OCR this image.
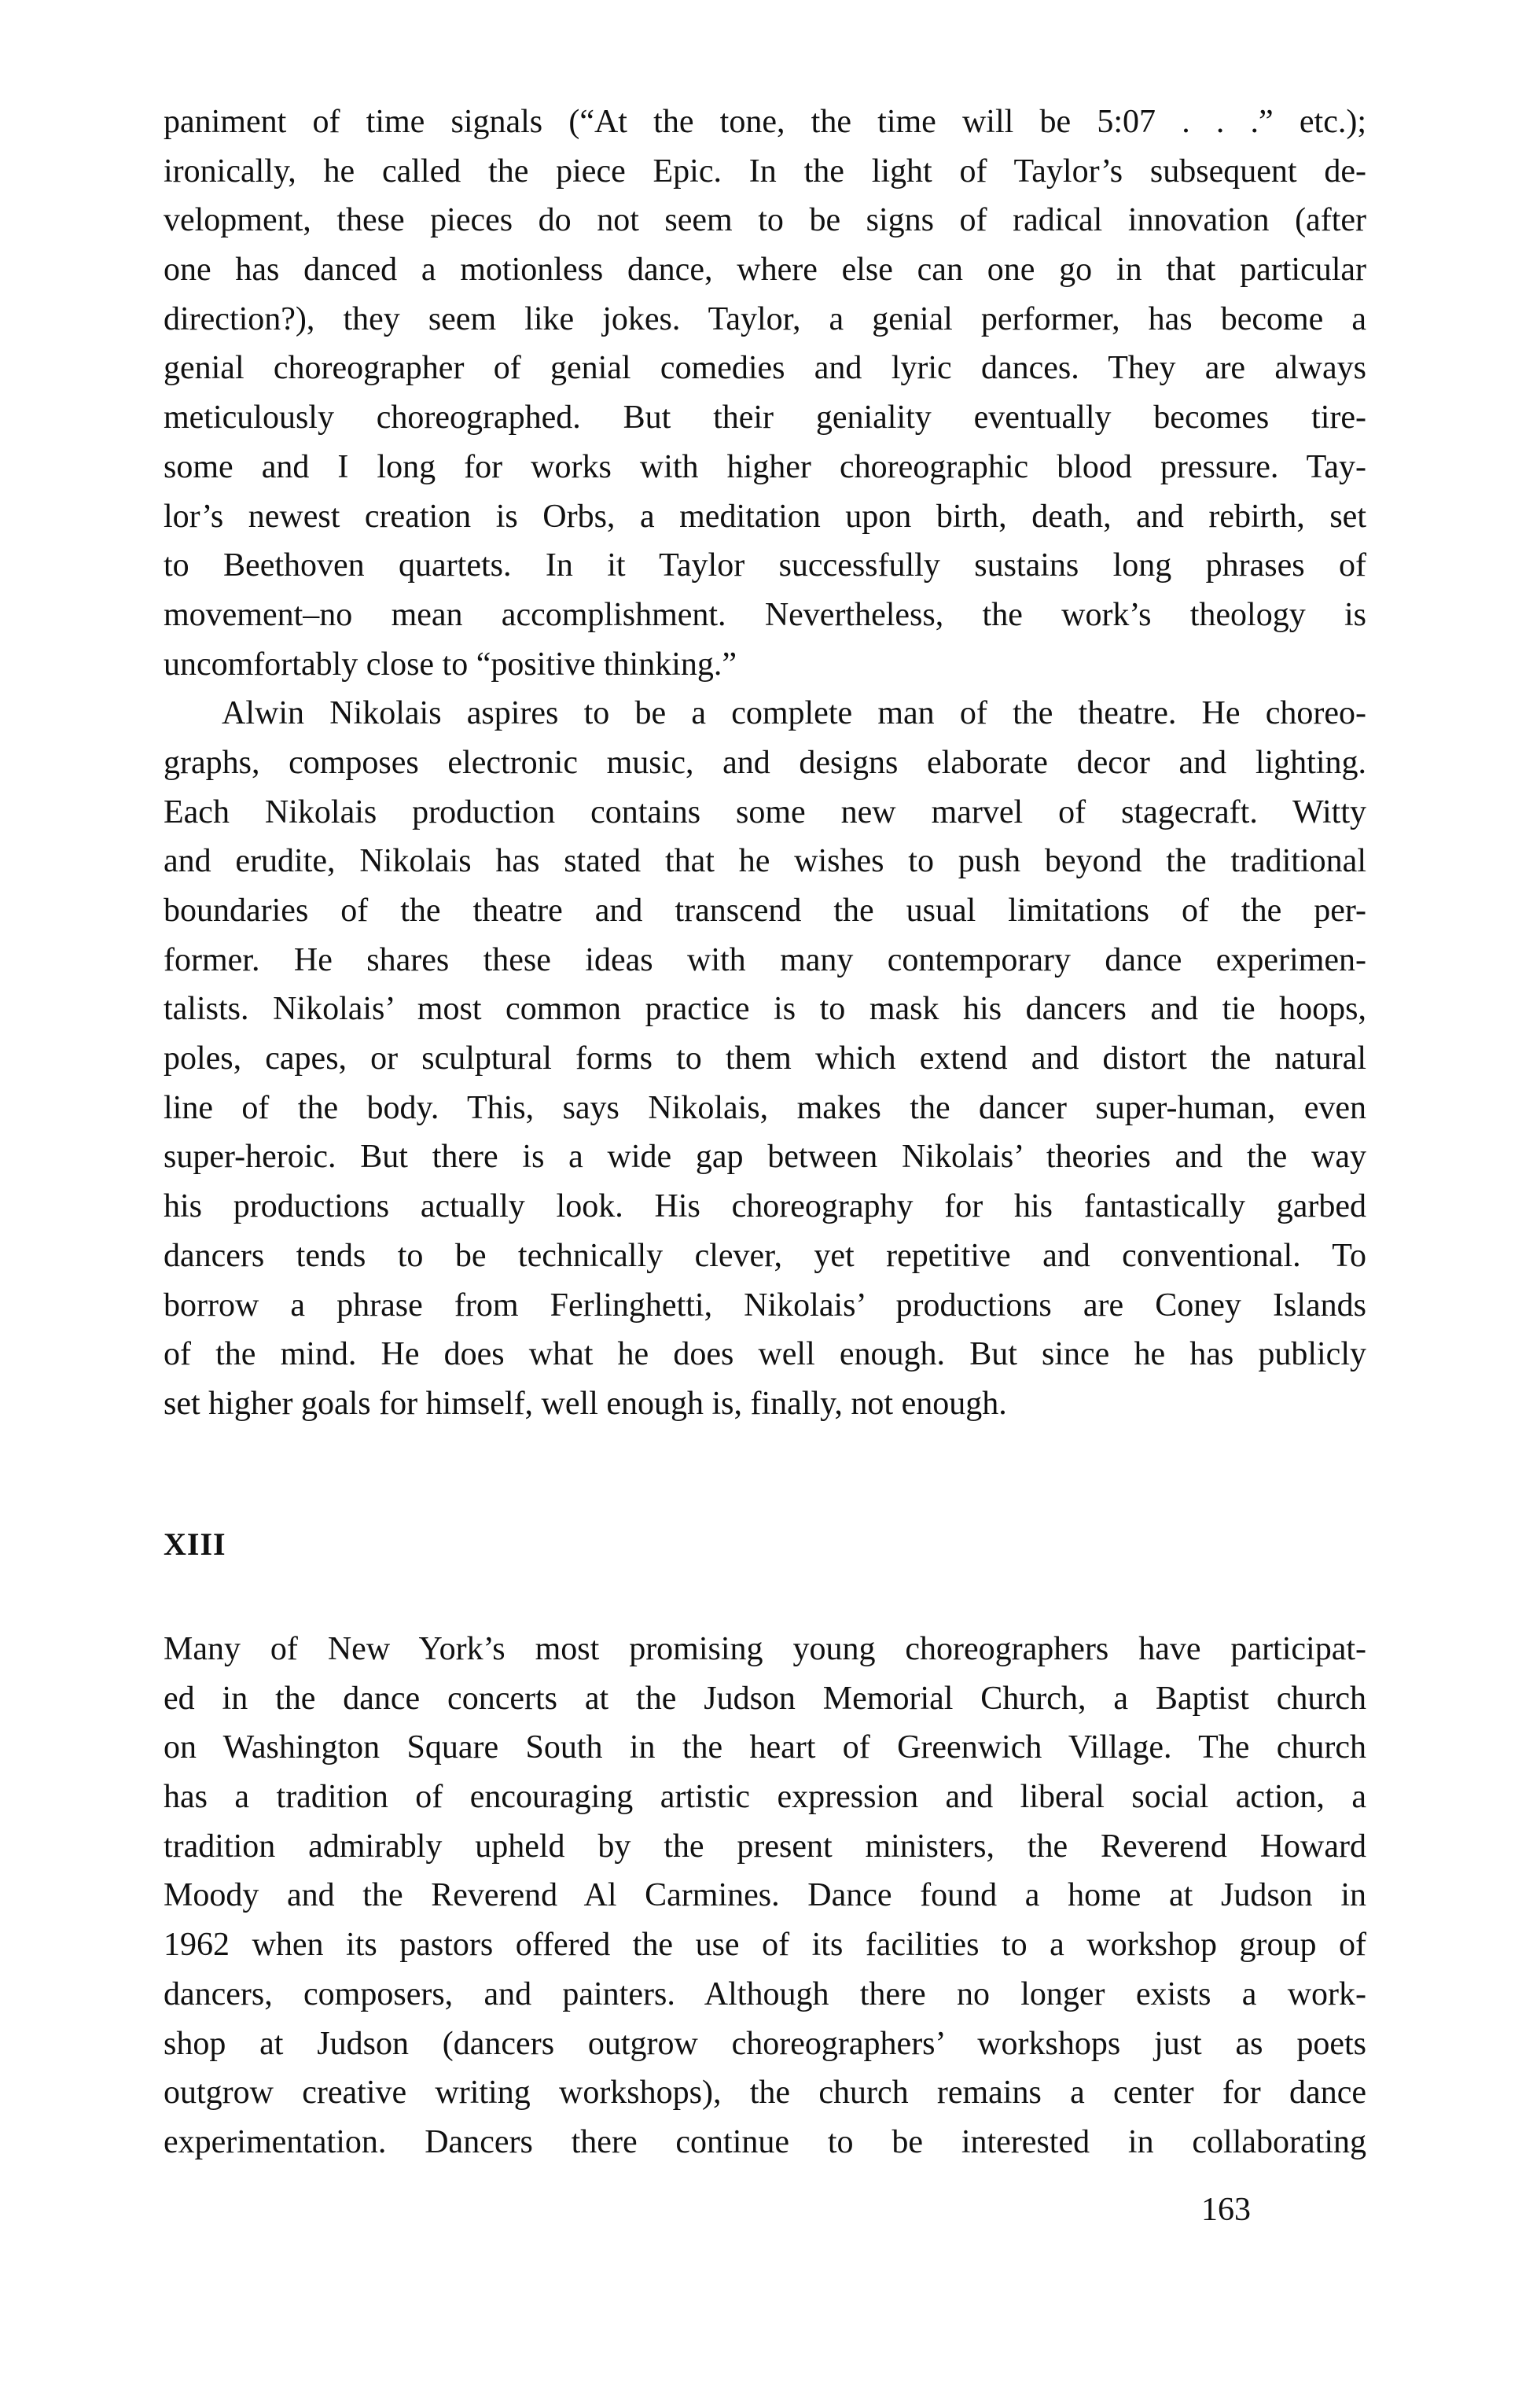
paniment of time signals (“At the tone, the time will be 5:07 . . .” etc.);
ironically, he called the piece Epic. In the light of Taylor’s subsequent de-
velopment, these pieces do not seem to be signs of radical innovation (after
one has danced a motionless dance, where else can one go in that particular
direction?), they seem like jokes. Taylor, a genial performer, has become a
genial choreographer of genial comedies and lyric dances. They are always
meticulously choreographed. But their geniality eventually becomes tire-
some and I long for works with higher choreographic blood pressure. Tay-
lor’s newest creation is Orbs, a meditation upon birth, death, and rebirth, set
to Beethoven quartets. In it Taylor successfully sustains long phrases of
movement–no mean accomplishment. Nevertheless, the work’s theology is
uncomfortably close to “positive thinking.”
Alwin Nikolais aspires to be a complete man of the theatre. He choreo-
graphs, composes electronic music, and designs elaborate decor and lighting.
Each Nikolais production contains some new marvel of stagecraft. Witty
and erudite, Nikolais has stated that he wishes to push beyond the traditional
boundaries of the theatre and transcend the usual limitations of the per-
former. He shares these ideas with many contemporary dance experimen-
talists. Nikolais’ most common practice is to mask his dancers and tie hoops,
poles, capes, or sculptural forms to them which extend and distort the natural
line of the body. This, says Nikolais, makes the dancer super-human, even
super-heroic. But there is a wide gap between Nikolais’ theories and the way
his productions actually look. His choreography for his fantastically garbed
dancers tends to be technically clever, yet repetitive and conventional. To
borrow a phrase from Ferlinghetti, Nikolais’ productions are Coney Islands
of the mind. He does what he does well enough. But since he has publicly
set higher goals for himself, well enough is, finally, not enough.
XIII
Many of New York’s most promising young choreographers have participat-
ed in the dance concerts at the Judson Memorial Church, a Baptist church
on Washington Square South in the heart of Greenwich Village. The church
has a tradition of encouraging artistic expression and liberal social action, a
tradition admirably upheld by the present ministers, the Reverend Howard
Moody and the Reverend Al Carmines. Dance found a home at Judson in
1962 when its pastors offered the use of its facilities to a workshop group of
dancers, composers, and painters. Although there no longer exists a work-
shop at Judson (dancers outgrow choreographers’ workshops just as poets
outgrow creative writing workshops), the church remains a center for dance
experimentation. Dancers there continue to be interested in collaborating
163
